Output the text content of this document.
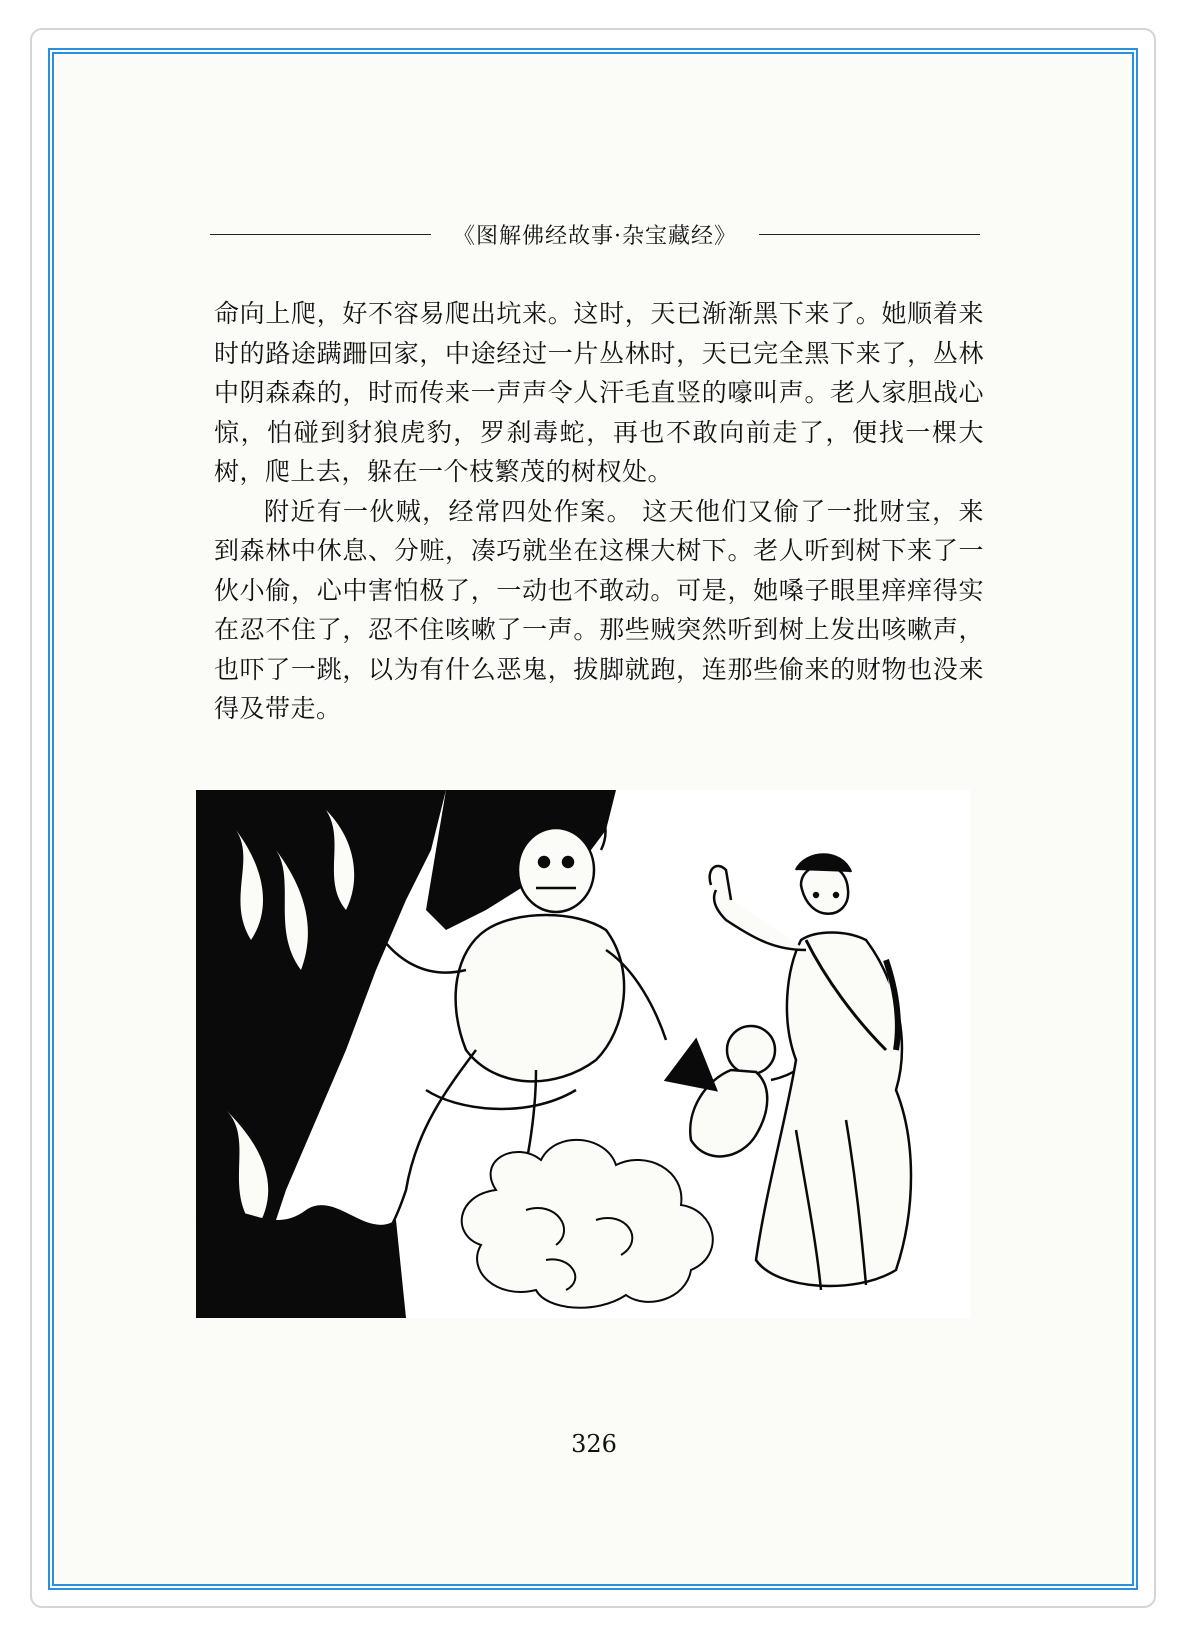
《图解佛经故事·杂宝藏经》

命向上爬，好不容易爬出坑来。这时，天已渐渐黑下来了。她顺着来时的路途蹒跚回家，中途经过一片丛林时，天已完全黑下来了，丛林中阴森森的，时而传来一声声令人汗毛直竖的嚎叫声。老人家胆战心惊，怕碰到豺狼虎豹，罗刹毒蛇，再也不敢向前走了，便找一棵大树，爬上去，躲在一个枝繁茂的树杈处。

附近有一伙贼，经常四处作案。 这天他们又偷了一批财宝，来到森林中休息、分赃，凑巧就坐在这棵大树下。老人听到树下来了一伙小偷，心中害怕极了，一动也不敢动。可是，她嗓子眼里痒痒得实在忍不住了，忍不住咳嗽了一声。那些贼突然听到树上发出咳嗽声，也吓了一跳，以为有什么恶鬼，拔脚就跑，连那些偷来的财物也没来得及带走。

326
